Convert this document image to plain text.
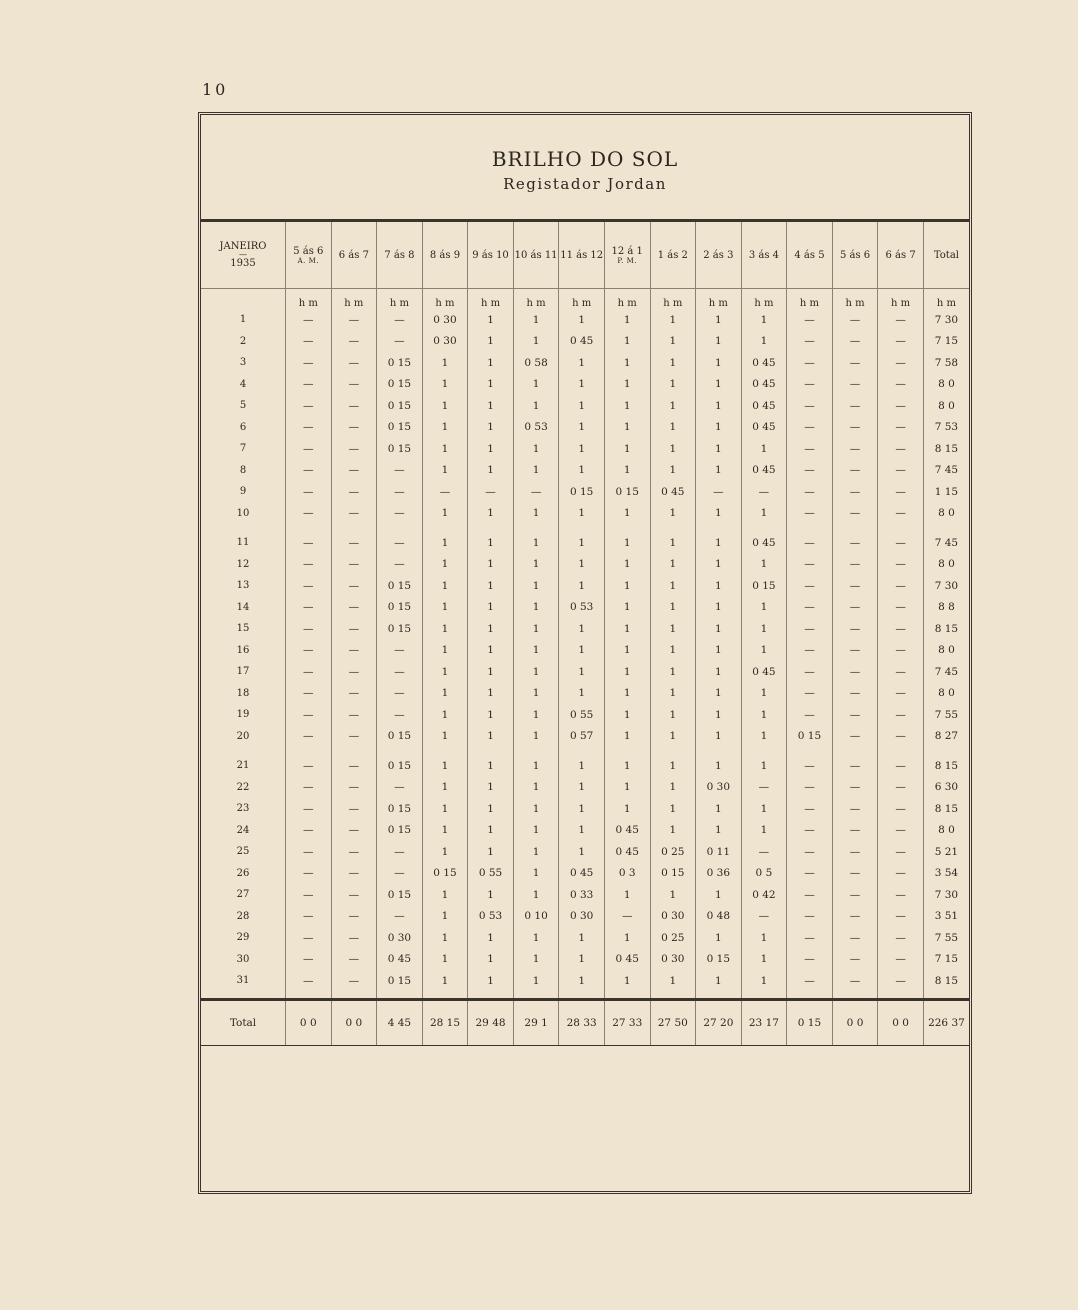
10
BRILHO DO SOL
Registador Jordan
JANEIRO
—
1935	5 ás 6
A. M.	6 ás 7	7 ás 8	8 ás 9	9 ás 10	10 ás 11	11 ás 12	12 á 1
P. M.	1 ás 2	2 ás 3	3 ás 4	4 ás 5	5 ás 6	6 ás 7	Total
	h m	h m	h m	h m	h m	h m	h m	h m	h m	h m	h m	h m	h m	h m	h m
1	—	—	—	0 30	1	1	1	1	1	1	1	—	—	—	7 30
2	—	—	—	0 30	1	1	0 45	1	1	1	1	—	—	—	7 15
3	—	—	0 15	1	1	0 58	1	1	1	1	0 45	—	—	—	7 58
4	—	—	0 15	1	1	1	1	1	1	1	0 45	—	—	—	8 0
5	—	—	0 15	1	1	1	1	1	1	1	0 45	—	—	—	8 0
6	—	—	0 15	1	1	0 53	1	1	1	1	0 45	—	—	—	7 53
7	—	—	0 15	1	1	1	1	1	1	1	1	—	—	—	8 15
8	—	—	—	1	1	1	1	1	1	1	0 45	—	—	—	7 45
9	—	—	—	—	—	—	0 15	0 15	0 45	—	—	—	—	—	1 15
10	—	—	—	1	1	1	1	1	1	1	1	—	—	—	8 0

11	—	—	—	1	1	1	1	1	1	1	0 45	—	—	—	7 45
12	—	—	—	1	1	1	1	1	1	1	1	—	—	—	8 0
13	—	—	0 15	1	1	1	1	1	1	1	0 15	—	—	—	7 30
14	—	—	0 15	1	1	1	0 53	1	1	1	1	—	—	—	8 8
15	—	—	0 15	1	1	1	1	1	1	1	1	—	—	—	8 15
16	—	—	—	1	1	1	1	1	1	1	1	—	—	—	8 0
17	—	—	—	1	1	1	1	1	1	1	0 45	—	—	—	7 45
18	—	—	—	1	1	1	1	1	1	1	1	—	—	—	8 0
19	—	—	—	1	1	1	0 55	1	1	1	1	—	—	—	7 55
20	—	—	0 15	1	1	1	0 57	1	1	1	1	0 15	—	—	8 27

21	—	—	0 15	1	1	1	1	1	1	1	1	—	—	—	8 15
22	—	—	—	1	1	1	1	1	1	0 30	—	—	—	—	6 30
23	—	—	0 15	1	1	1	1	1	1	1	1	—	—	—	8 15
24	—	—	0 15	1	1	1	1	0 45	1	1	1	—	—	—	8 0
25	—	—	—	1	1	1	1	0 45	0 25	0 11	—	—	—	—	5 21
26	—	—	—	0 15	0 55	1	0 45	0 3	0 15	0 36	0 5	—	—	—	3 54
27	—	—	0 15	1	1	1	0 33	1	1	1	0 42	—	—	—	7 30
28	—	—	—	1	0 53	0 10	0 30	—	0 30	0 48	—	—	—	—	3 51
29	—	—	0 30	1	1	1	1	1	0 25	1	1	—	—	—	7 55
30	—	—	0 45	1	1	1	1	0 45	0 30	0 15	1	—	—	—	7 15
31	—	—	0 15	1	1	1	1	1	1	1	1	—	—	—	8 15

Total	0 0	0 0	4 45	28 15	29 48	29 1	28 33	27 33	27 50	27 20	23 17	0 15	0 0	0 0	226 37
